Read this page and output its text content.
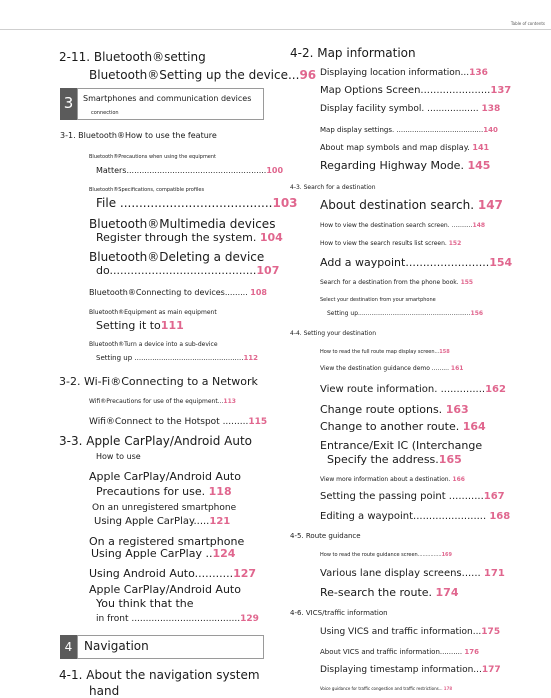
Table of contents
2-11. Bluetooth®setting
Bluetooth®Setting up the device...96
3	Smartphones and communication devices
connection
3-1. Bluetooth®How to use the feature
Bluetooth®Precautions when using the equipment
Matters.......................................................100
Bluetooth®Specifications, compatible profiles
File ........................................103
Bluetooth®Multimedia devices
Register through the system. 104
Bluetooth®Deleting a device
do..........................................107
Bluetooth®Connecting to devices......... 108
Bluetooth®Equipment as main equipment
Setting it to111
Bluetooth®Turn a device into a sub-device
Setting up .................................................112
3-2. Wi-Fi®Connecting to a Network
Wifi®Precautions for use of the equipment...113
Wifi®Connect to the Hotspot .........115
3-3. Apple CarPlay/Android Auto
How to use
Apple CarPlay/Android Auto
Precautions for use. 118
On an unregistered smartphone
Using Apple CarPlay.....121
On a registered smartphone
Using Apple CarPlay ..124
Using Android Auto...........127
Apple CarPlay/Android Auto
You think that the
in front ......................................129
4 Navigation
4-1. About the navigation system
hand
4-2. Map information
Displaying location information...136
Map Options Screen......................137
Display facility symbol. .................. 138
Map display settings. .......................................140
About map symbols and map display. 141
Regarding Highway Mode. 145
4-3. Search for a destination
About destination search. 147
How to view the destination search screen. ...........148
How to view the search results list screen. 152
Add a waypoint........................154
Search for a destination from the phone book. 155
Select your destination from your smartphone
Setting up...........................................................156
4-4. Setting your destination
How to read the full route map display screen...158
View the destination guidance demo ......... 161
View route information. ..............162
Change route options. 163
Change to another route. 164
Entrance/Exit IC (Interchange
Specify the address.165
View more information about a destination. 166
Setting the passing point ...........167
Editing a waypoint....................... 168
4-5. Route guidance
How to read the route guidance screen...............169
Various lane display screens...... 171
Re-search the route. 174
4-6. VICS/traffic information
Using VICS and traffic information...175
About VICS and traffic information.......... 176
Displaying timestamp information...177
Voice guidance for traffic congestion and traffic restrictions... 178
